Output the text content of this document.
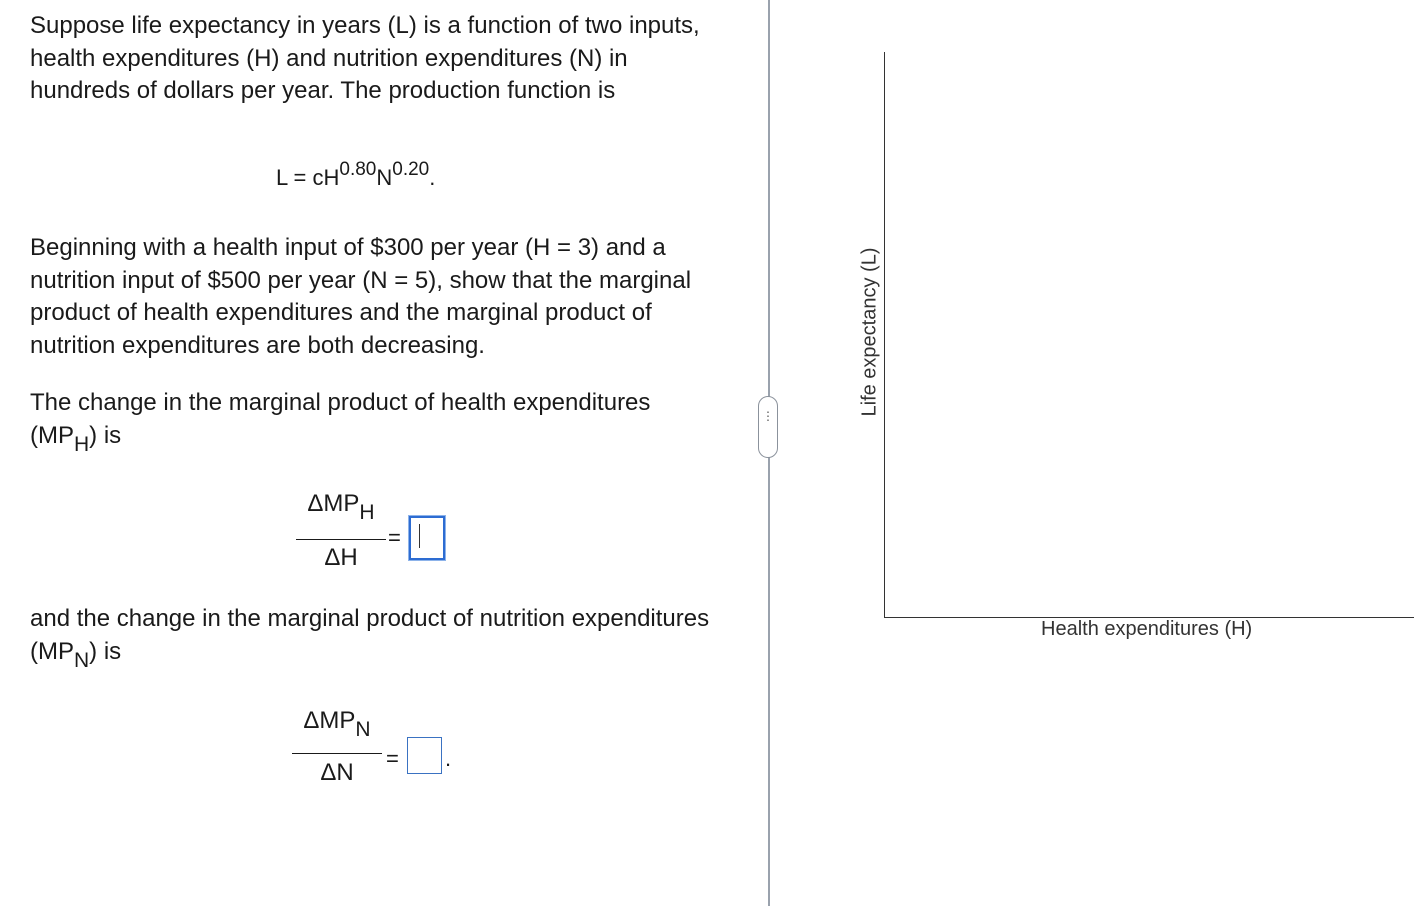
Suppose life expectancy in years (L) is a function of two inputs, health expenditures (H) and nutrition expenditures (N) in hundreds of dollars per year. The production function is
$L = cH^{0.80}N^{0.20}$.
Beginning with a health input of $300 per year (H = 3) and a nutrition input of $500 per year (N = 5), show that the marginal product of health expenditures and the marginal product of nutrition expenditures are both decreasing.
The change in the marginal product of health expenditures (MPH) is
ΔMPH
ΔH
=
and the change in the marginal product of nutrition expenditures (MPN) is
ΔMPN
ΔN
= .
⋮	Life expectancy (L)
Health expenditures (H)
